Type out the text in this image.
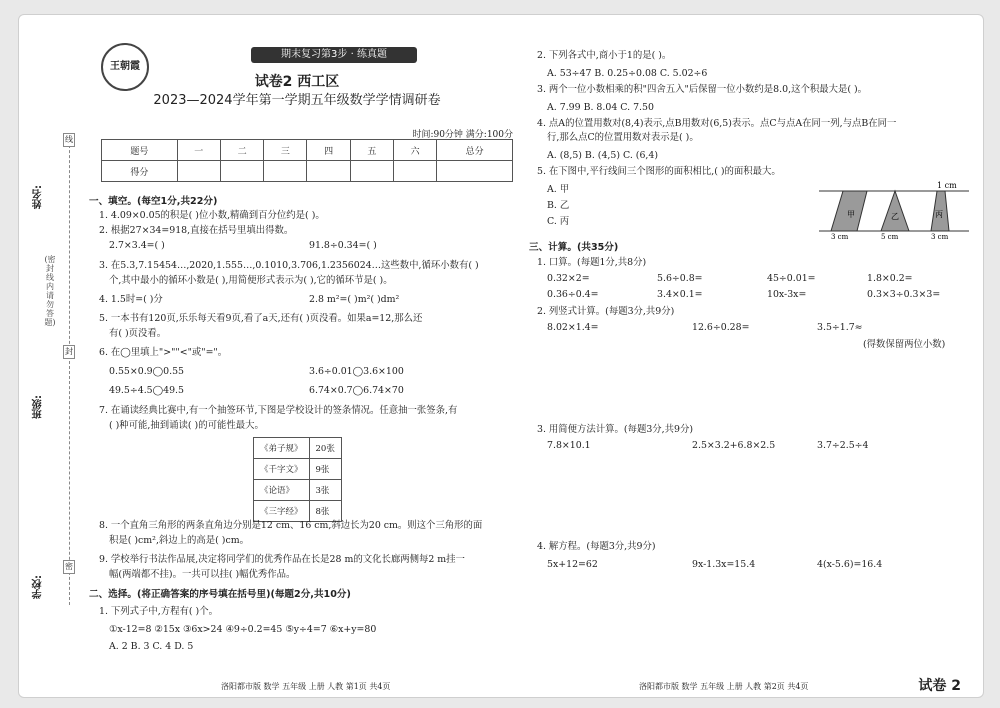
姓名:
班级:
学校:
(密封线内请勿答题)
线
封
密
王朝霞
期末复习第3步 · 练真题
试卷2 西工区
2023—2024学年第一学期五年级数学学情调研卷
时间:90分钟 满分:100分
题号	一	二	三	四	五	六	总分
得分							
一、填空。(每空1分,共22分)
1. 4.09×0.05的积是( )位小数,精确到百分位约是( )。
2. 根据27×34=918,直接在括号里填出得数。
2.7×3.4=( )	91.8÷0.34=( )
3. 在5.3,7.15454…,2020,1.555…,0.1010,3.706,1.2356024…这些数中,循环小数有( )
个,其中最小的循环小数是( ),用简便形式表示为( ),它的循环节是( )。
4. 1.5时=( )分	2.8 m²=( )m²( )dm²
5. 一本书有120页,乐乐每天看9页,看了a天,还有( )页没看。如果a=12,那么还
有( )页没看。
6. 在◯里填上">""<"或"="。
0.55×0.9◯0.55	3.6÷0.01◯3.6×100
49.5÷4.5◯49.5	6.74×0.7◯6.74×70
7. 在诵读经典比赛中,有一个抽签环节,下图是学校设计的签条情况。任意抽一张签条,有
( )种可能,抽到诵读( )的可能性最大。
《弟子规》	20张
《千字文》	9张
《论语》	3张
《三字经》	8张
8. 一个直角三角形的两条直角边分别是12 cm、16 cm,斜边长为20 cm。则这个三角形的面
积是( )cm²,斜边上的高是( )cm。
9. 学校举行书法作品展,决定将同学们的优秀作品在长是28 m的文化长廊两侧每2 m挂一
幅(两端都不挂)。一共可以挂( )幅优秀作品。
二、选择。(将正确答案的序号填在括号里)(每题2分,共10分)
1. 下列式子中,方程有( )个。
①x-12=8 ②15x ③6x>24 ④9÷0.2=45 ⑤y÷4=7 ⑥x+y=80
A. 2 B. 3 C. 4 D. 5
洛阳都市版 数学 五年级 上册 人教 第1页 共4页
2. 下列各式中,商小于1的是( )。
A. 53÷47 B. 0.25÷0.08 C. 5.02÷6
3. 两个一位小数相乘的积"四舍五入"后保留一位小数约是8.0,这个积最大是( )。
A. 7.99 B. 8.04 C. 7.50
4. 点A的位置用数对(8,4)表示,点B用数对(6,5)表示。点C与点A在同一列,与点B在同一
行,那么点C的位置用数对表示是( )。
A. (8,5) B. (4,5) C. (6,4)
5. 在下图中,平行线间三个图形的面积相比,( )的面积最大。
A. 甲
B. 乙
C. 丙
1 cm
3 cm	5 cm	3 cm
甲	乙	丙
三、计算。(共35分)
1. 口算。(每题1分,共8分)
0.32×2=	5.6÷0.8=	45÷0.01=	1.8×0.2=
0.36÷0.4=	3.4×0.1=	10x-3x=	0.3×3÷0.3×3=
2. 列竖式计算。(每题3分,共9分)
8.02×1.4=	12.6÷0.28=	3.5÷1.7≈
(得数保留两位小数)
3. 用简便方法计算。(每题3分,共9分)
7.8×10.1	2.5×3.2+6.8×2.5	3.7÷2.5÷4
4. 解方程。(每题3分,共9分)
5x+12=62	9x-1.3x=15.4	4(x-5.6)=16.4
洛阳都市版 数学 五年级 上册 人教 第2页 共4页	试卷 2
